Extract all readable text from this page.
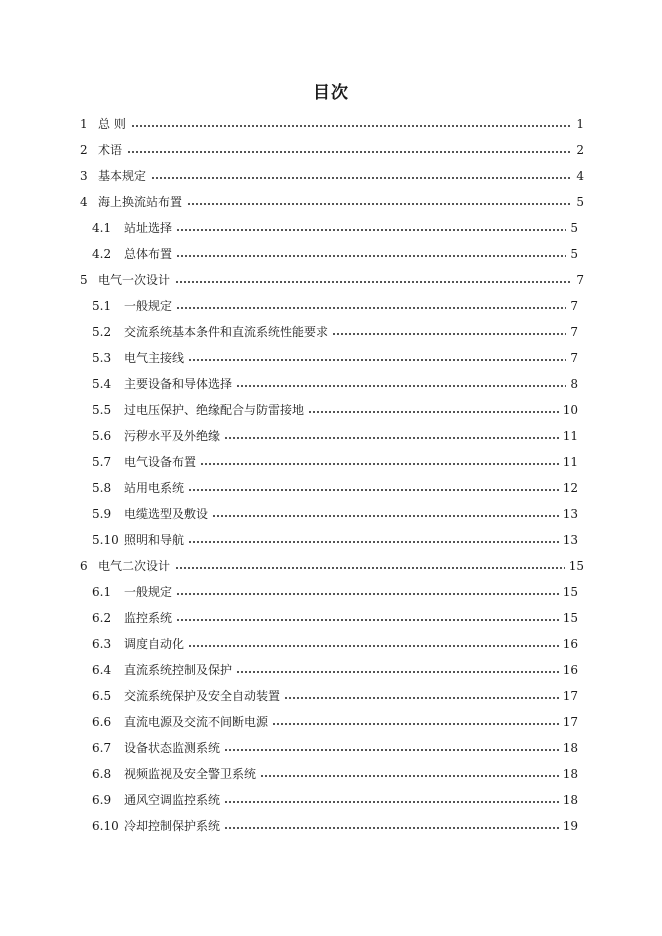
目次
1 总 则	1
2 术语	2
3 基本规定	4
4 海上换流站布置	5
4.1 站址选择	5
4.2 总体布置	5
5 电气一次设计	7
5.1 一般规定	7
5.2 交流系统基本条件和直流系统性能要求	7
5.3 电气主接线	7
5.4 主要设备和导体选择	8
5.5 过电压保护、绝缘配合与防雷接地	10
5.6 污秽水平及外绝缘	11
5.7 电气设备布置	11
5.8 站用电系统	12
5.9 电缆选型及敷设	13
5.10 照明和导航	13
6 电气二次设计	15
6.1 一般规定	15
6.2 监控系统	15
6.3 调度自动化	16
6.4 直流系统控制及保护	16
6.5 交流系统保护及安全自动装置	17
6.6 直流电源及交流不间断电源	17
6.7 设备状态监测系统	18
6.8 视频监视及安全警卫系统	18
6.9 通风空调监控系统	18
6.10 冷却控制保护系统	19
